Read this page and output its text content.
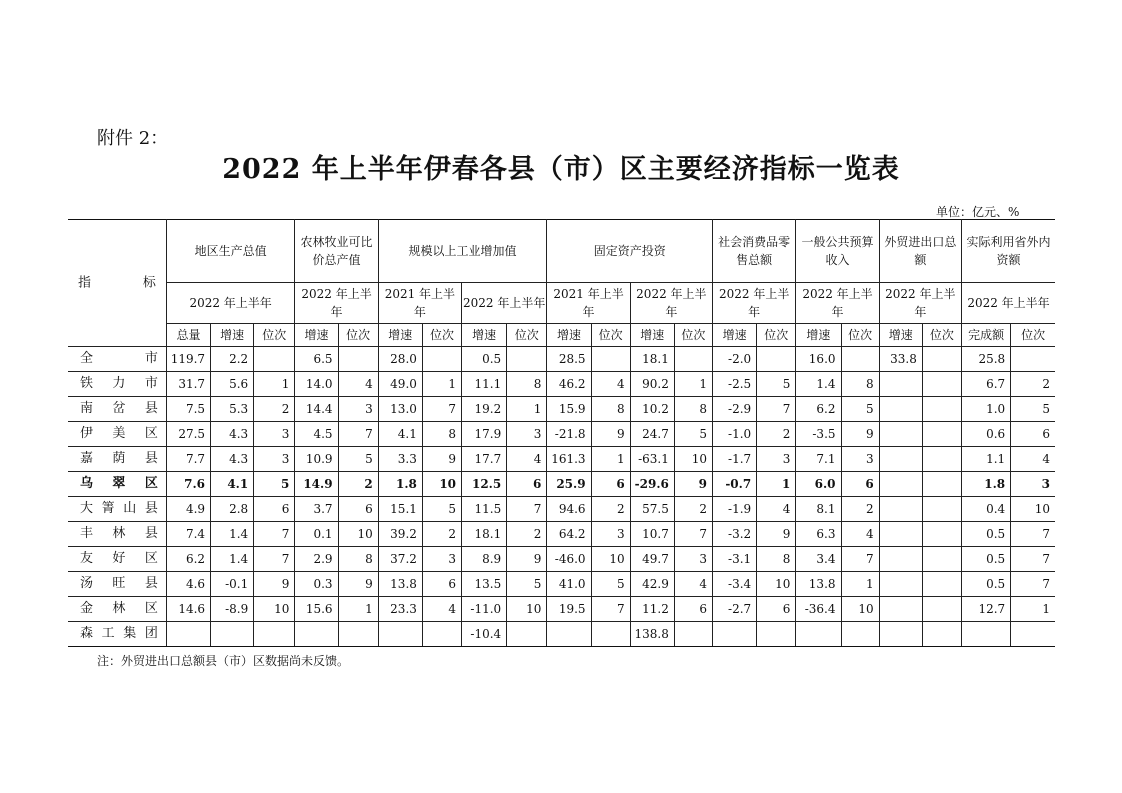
附件 2：
2022 年上半年伊春各县（市）区主要经济指标一览表
单位：亿元、%
指 标	地区生产总值			农林牧业可比价总产值		规模以上工业增加值				固定资产投资				社会消费品零售总额		一般公共预算收入		外贸进出口总额		实际利用省外内资额	
	2022 年上半年			2022 年上半年		2021 年上半年		2022 年上半年		2021 年上半年		2022 年上半年		2022 年上半年		2022 年上半年		2022 年上半年		2022 年上半年	
	总量	增速	位次	增速	位次	增速	位次	增速	位次	增速	位次	增速	位次	增速	位次	增速	位次	增速	位次	完成额	位次
全市	119.7	2.2		6.5		28.0		0.5		28.5		18.1		-2.0		16.0		33.8		25.8	
铁力市	31.7	5.6	1	14.0	4	49.0	1	11.1	8	46.2	4	90.2	1	-2.5	5	1.4	8			6.7	2
南岔县	7.5	5.3	2	14.4	3	13.0	7	19.2	1	15.9	8	10.2	8	-2.9	7	6.2	5			1.0	5
伊美区	27.5	4.3	3	4.5	7	4.1	8	17.9	3	-21.8	9	24.7	5	-1.0	2	-3.5	9			0.6	6
嘉荫县	7.7	4.3	3	10.9	5	3.3	9	17.7	4	161.3	1	-63.1	10	-1.7	3	7.1	3			1.1	4
乌翠区	7.6	4.1	5	14.9	2	1.8	10	12.5	6	25.9	6	-29.6	9	-0.7	1	6.0	6			1.8	3
大箐山县	4.9	2.8	6	3.7	6	15.1	5	11.5	7	94.6	2	57.5	2	-1.9	4	8.1	2			0.4	10
丰林县	7.4	1.4	7	0.1	10	39.2	2	18.1	2	64.2	3	10.7	7	-3.2	9	6.3	4			0.5	7
友好区	6.2	1.4	7	2.9	8	37.2	3	8.9	9	-46.0	10	49.7	3	-3.1	8	3.4	7			0.5	7
汤旺县	4.6	-0.1	9	0.3	9	13.8	6	13.5	5	41.0	5	42.9	4	-3.4	10	13.8	1			0.5	7
金林区	14.6	-8.9	10	15.6	1	23.3	4	-11.0	10	19.5	7	11.2	6	-2.7	6	-36.4	10			12.7	1
森工集团								-10.4				138.8									
注：外贸进出口总额县（市）区数据尚未反馈。
